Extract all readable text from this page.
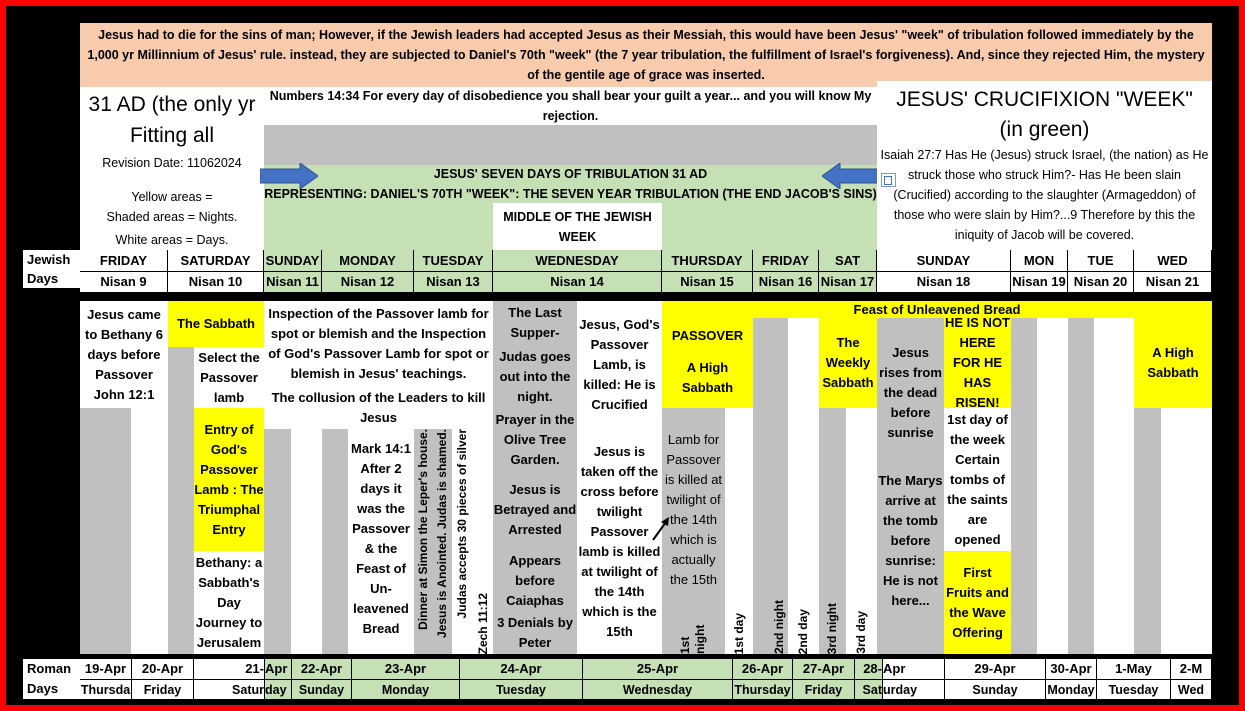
Jesus had to die for the sins of man; However, if the Jewish leaders had accepted Jesus as their Messiah, this would have been Jesus' "week" of tribulation followed immediately by the 1,000 yr Millinnium of Jesus' rule. instead, they are subjected to Daniel's 70th "week" (the 7 year tribulation, the fulfillment of Israel's forgiveness). And, since they rejected Him, the mystery of the gentile age of grace was inserted.
31 AD (the only yr Fitting all
Revision Date: 11062024
Yellow areas =
Shaded areas = Nights.
White areas = Days.
Numbers 14:34 For every day of disobedience you shall bear your guilt a year... and you will know My rejection.
JESUS' SEVEN DAYS OF TRIBULATION 31 AD
REPRESENTING: DANIEL'S 70TH "WEEK": THE SEVEN YEAR TRIBULATION (THE END JACOB'S SINS)
MIDDLE OF THE JEWISH WEEK
JESUS' CRUCIFIXION "WEEK" (in green)
Isaiah 27:7 Has He (Jesus) struck Israel, (the nation) as He struck those who struck Him?- Has He been slain (Crucified) according to the slaughter (Armageddon) of those who were slain by Him?...9 Therefore by this the iniquity of Jacob will be covered.
Jewish
Days
Jesus came to Bethany 6 days before Passover John 12:1
The Sabbath
Select the Passover lamb
Entry of God's Passover Lamb : The Triumphal Entry
Bethany: a Sabbath's Day Journey to Jerusalem
Inspection of the Passover lamb for spot or blemish and the Inspection of God's Passover Lamb for spot or blemish in Jesus' teachings.
The collusion of the Leaders to kill Jesus
Mark 14:1 After 2 days it was the Passover & the Feast of Un-leavened Bread	Dinner at Simon the Leper's house. Jesus is Anointed. Judas is shamed. Judas accepts 30 pieces of silver
Zech 11:12
The Last Supper-
Judas goes out into the night.
Prayer in the Olive Tree Garden.
Jesus is Betrayed and Arrested
Appears before Caiaphas
3 Denials by Peter
Jesus, God's Passover Lamb, is killed: He is Crucified
Jesus is taken off the cross before twilight Passover lamb is killed at twilight of the 14th which is the 15th
Feast of Unleavened Bread
PASSOVER
A High Sabbath
Lamb for Passover is killed at twilight of the 14th which is actually the 15th
1st night 1st day 2nd night 2nd day
The Weekly Sabbath
3rd night 3rd day
Jesus rises from the dead before sunrise
The Marys arrive at the tomb before sunrise: He is not here...
HE IS NOT HERE FOR HE HAS RISEN!
1st day of the week Certain tombs of the saints are opened
First Fruits and the Wave Offering
A High Sabbath
Roman
Days
FRIDAY
Nisan 9
SATURDAY
Nisan 10
SUNDAY
Nisan 11
MONDAY
Nisan 12
TUESDAY
Nisan 13
WEDNESDAY
Nisan 14
THURSDAY
Nisan 15
FRIDAY
Nisan 16
SAT
Nisan 17
SUNDAY
Nisan 18
MON
Nisan 19
TUE
Nisan 20
WED
Nisan 21
19-Apr
Thursda
20-Apr
Friday
21-
Satur
Apr
day
22-Apr
Sunday
23-Apr
Monday
24-Apr
Tuesday
25-Apr
Wednesday
26-Apr
Thursday
27-Apr
Friday
28-
Sat
Apr
urday
29-Apr
Sunday
30-Apr
Monday
1-May
Tuesday
2-M
Wed
